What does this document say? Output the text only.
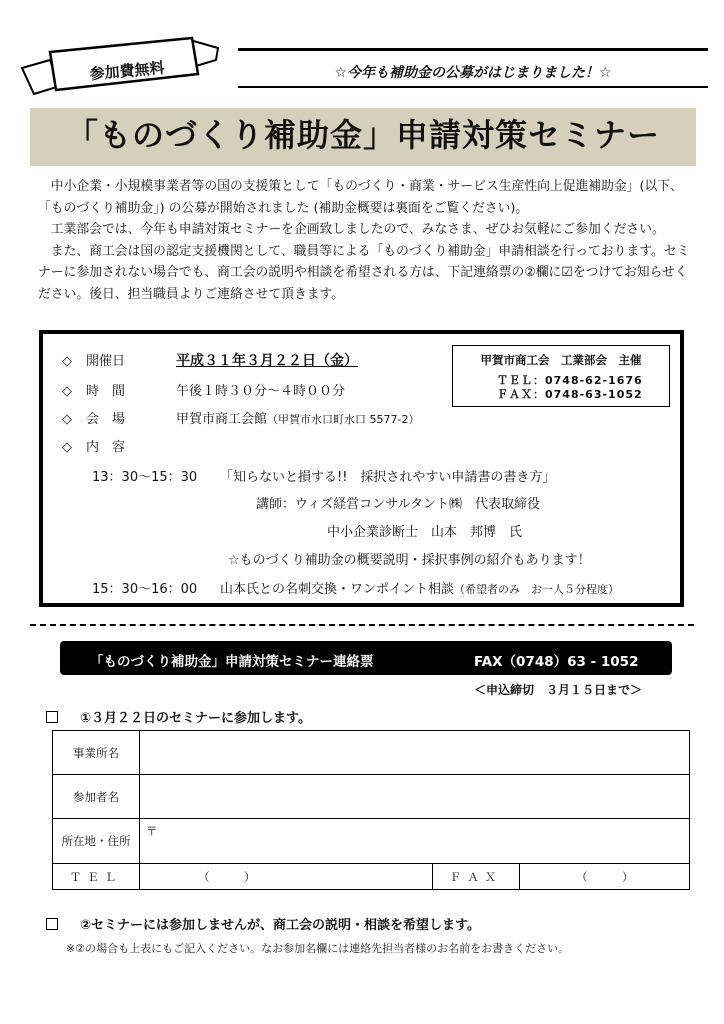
参加費無料	☆今年も補助金の公募がはじまりました！☆
「ものづくり補助金」申請対策セミナー

中小企業・小規模事業者等の国の支援策として「ものづくり・商業・サービス生産性向上促進補助金」(以下、「ものづくり補助金」) の公募が開始されました (補助金概要は裏面をご覧ください)。

工業部会では、今年も申請対策セミナーを企画致しましたので、みなさま、ぜひお気軽にご参加ください。

また、商工会は国の認定支援機関として、職員等による「ものづくり補助金」申請相談を行っております。セミナーに参加されない場合でも、商工会の説明や相談を希望される方は、下記連絡票の②欄に☑をつけてお知らせください。後日、担当職員よりご連絡させて頂きます。

◇ 開催日	平成３１年３月２２日（金）
◇ 時　間	午後１時３０分～４時００分
◇ 会　場	甲賀市商工会館（甲賀市水口町水口 5577-2）
◇ 内　容
13：30～15：30 「知らないと損する!!　採択されやすい申請書の書き方」
講師：ウィズ経営コンサルタント㈱　代表取締役
中小企業診断士　山本　邦博　氏
☆ものづくり補助金の概要説明・採択事例の紹介もあります！
15：30～16：00 山本氏との名刺交換・ワンポイント相談（希望者のみ　お一人５分程度）
甲賀市商工会　工業部会　主催
ＴＥＬ：0748-62-1676
ＦＡＸ：0748-63-1052
「ものづくり補助金」申請対策セミナー連絡票	FAX（0748）63 - 1052
＜申込締切　３月１５日まで＞
①３月２２日のセミナーに参加します。
事業所名			
参加者名			
所在地・住所	〒		
ＴＥＬ	（　　　）	ＦＡＸ	（　　　）
②セミナーには参加しませんが、商工会の説明・相談を希望します。
※②の場合も上表にもご記入ください。なお参加名欄には連絡先担当者様のお名前をお書きください。
